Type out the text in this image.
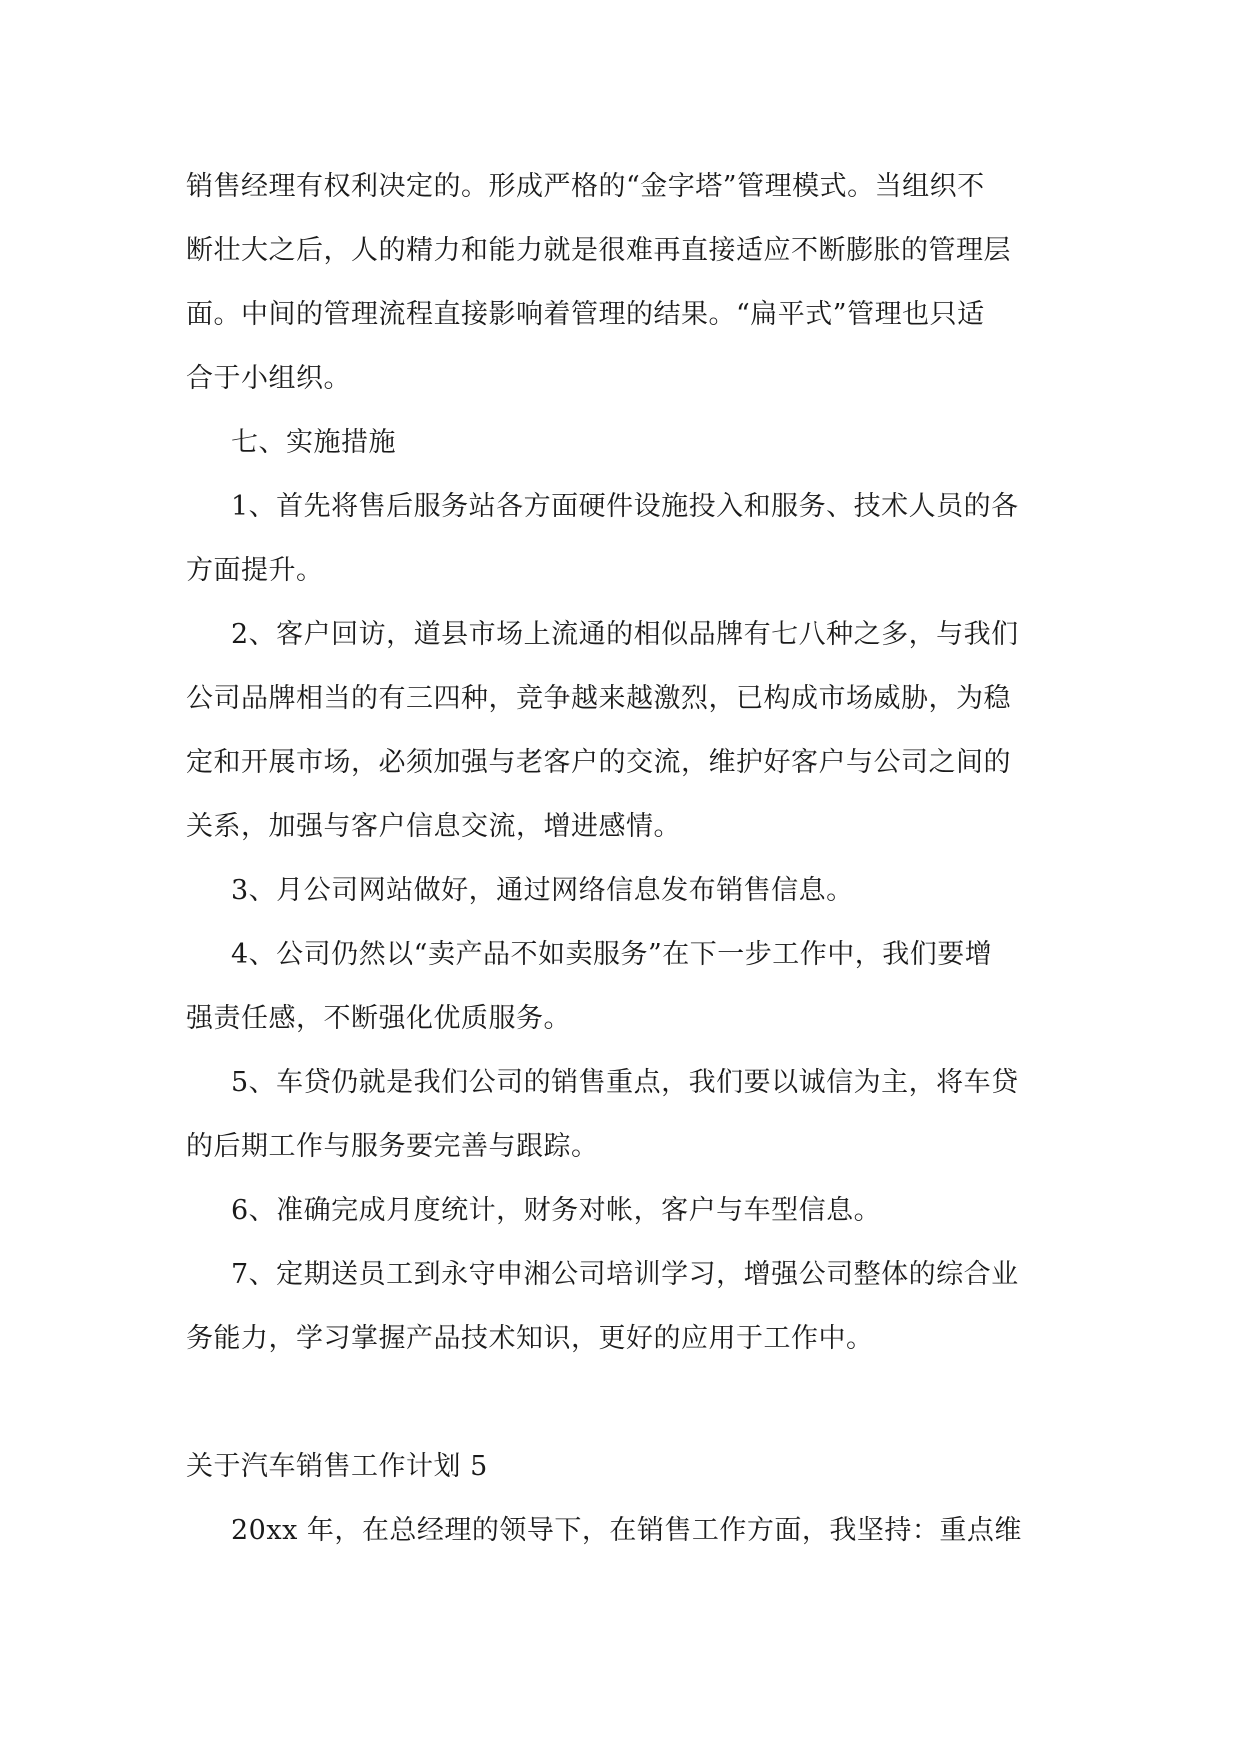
销售经理有权利决定的。形成严格的“金字塔”管理模式。当组织不
断壮大之后，人的精力和能力就是很难再直接适应不断膨胀的管理层
面。中间的管理流程直接影响着管理的结果。“扁平式”管理也只适
合于小组织。
七、实施措施
1、首先将售后服务站各方面硬件设施投入和服务、技术人员的各
方面提升。
2、客户回访，道县市场上流通的相似品牌有七八种之多，与我们
公司品牌相当的有三四种，竞争越来越激烈，已构成市场威胁，为稳
定和开展市场，必须加强与老客户的交流，维护好客户与公司之间的
关系，加强与客户信息交流，增进感情。
3、月公司网站做好，通过网络信息发布销售信息。
4、公司仍然以“卖产品不如卖服务”在下一步工作中，我们要增
强责任感，不断强化优质服务。
5、车贷仍就是我们公司的销售重点，我们要以诚信为主，将车贷
的后期工作与服务要完善与跟踪。
6、准确完成月度统计，财务对帐，客户与车型信息。
7、定期送员工到永守申湘公司培训学习，增强公司整体的综合业
务能力，学习掌握产品技术知识，更好的应用于工作中。
关于汽车销售工作计划 5
20xx 年，在总经理的领导下，在销售工作方面，我坚持：重点维
